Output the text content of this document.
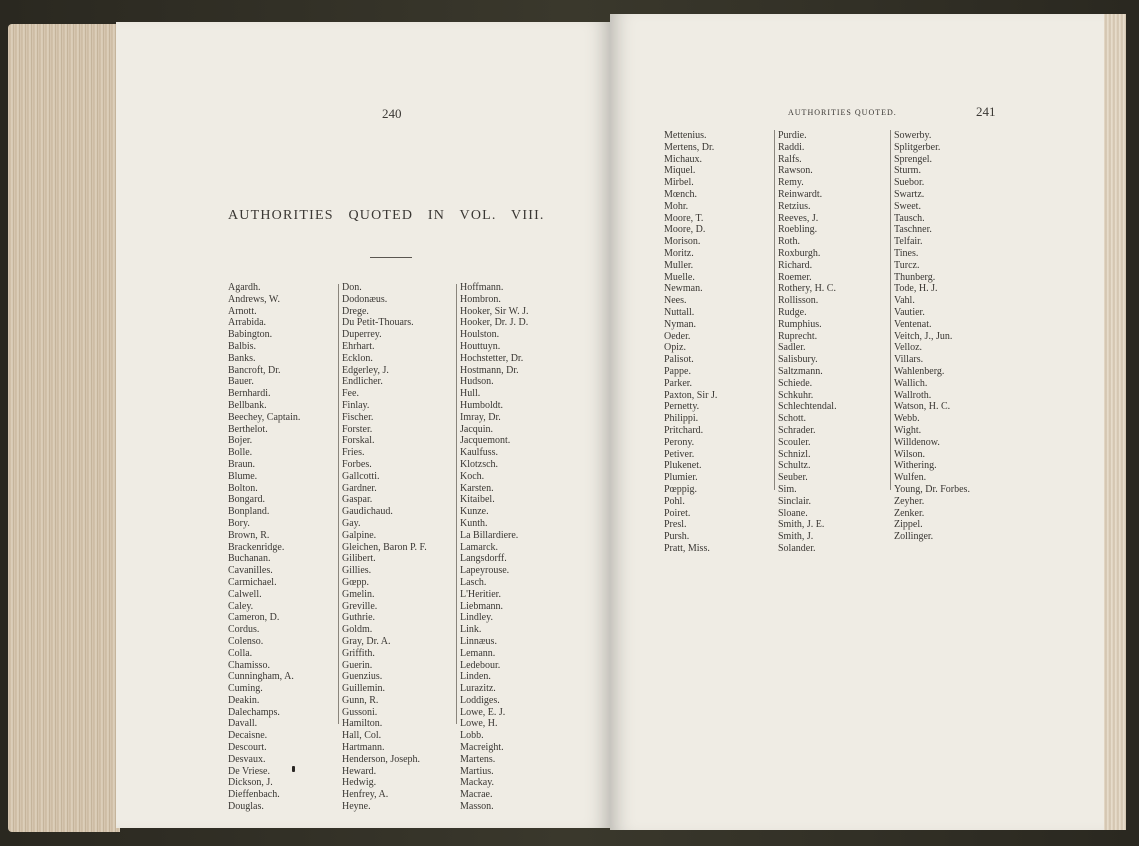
240
AUTHORITIES QUOTED IN VOL. VIII.
Agardh.
Andrews, W.
Arnott.
Arrabida.
Babington.
Balbis.
Banks.
Bancroft, Dr.
Bauer.
Bernhardi.
Bellbank.
Beechey, Captain.
Berthelot.
Bojer.
Bolle.
Braun.
Blume.
Bolton.
Bongard.
Bonpland.
Bory.
Brown, R.
Brackenridge.
Buchanan.
Cavanilles.
Carmichael.
Calwell.
Caley.
Cameron, D.
Cordus.
Colenso.
Colla.
Chamisso.
Cunningham, A.
Cuming.
Deakin.
Dalechamps.
Davall.
Decaisne.
Descourt.
Desvaux.
De Vriese.
Dickson, J.
Dieffenbach.
Douglas.
Don.
Dodonæus.
Drege.
Du Petit-Thouars.
Duperrey.
Ehrhart.
Ecklon.
Edgerley, J.
Endlicher.
Fee.
Finlay.
Fischer.
Forster.
Forskal.
Fries.
Forbes.
Gallcotti.
Gardner.
Gaspar.
Gaudichaud.
Gay.
Galpine.
Gleichen, Baron P. F.
Gilibert.
Gillies.
Gœpp.
Gmelin.
Greville.
Guthrie.
Goldm.
Gray, Dr. A.
Griffith.
Guerin.
Guenzius.
Guillemin.
Gunn, R.
Gussoni.
Hamilton.
Hall, Col.
Hartmann.
Henderson, Joseph.
Heward.
Hedwig.
Henfrey, A.
Heyne.
Hoffmann.
Hombron.
Hooker, Sir W. J.
Hooker, Dr. J. D.
Houlston.
Houttuyn.
Hochstetter, Dr.
Hostmann, Dr.
Hudson.
Hull.
Humboldt.
Imray, Dr.
Jacquin.
Jacquemont.
Kaulfuss.
Klotzsch.
Koch.
Karsten.
Kitaibel.
Kunze.
Kunth.
La Billardiere.
Lamarck.
Langsdorff.
Lapeyrouse.
Lasch.
L'Heritier.
Liebmann.
Lindley.
Link.
Linnæus.
Lemann.
Ledebour.
Linden.
Lurazitz.
Loddiges.
Lowe, E. J.
Lowe, H.
Lobb.
Macreight.
Martens.
Martius.
Mackay.
Macrae.
Masson.
AUTHORITIES QUOTED.	241
Mettenius.
Mertens, Dr.
Michaux.
Miquel.
Mirbel.
Mœnch.
Mohr.
Moore, T.
Moore, D.
Morison.
Moritz.
Muller.
Muelle.
Newman.
Nees.
Nuttall.
Nyman.
Oeder.
Opiz.
Palisot.
Pappe.
Parker.
Paxton, Sir J.
Pernetty.
Philippi.
Pritchard.
Perony.
Petiver.
Plukenet.
Plumier.
Pœppig.
Pohl.
Poiret.
Presl.
Pursh.
Pratt, Miss.
Purdie.
Raddi.
Ralfs.
Rawson.
Remy.
Reinwardt.
Retzius.
Reeves, J.
Roebling.
Roth.
Roxburgh.
Richard.
Roemer.
Rothery, H. C.
Rollisson.
Rudge.
Rumphius.
Ruprecht.
Sadler.
Salisbury.
Saltzmann.
Schiede.
Schkuhr.
Schlechtendal.
Schott.
Schrader.
Scouler.
Schnizl.
Schultz.
Seuber.
Sim.
Sinclair.
Sloane.
Smith, J. E.
Smith, J.
Solander.
Sowerby.
Splitgerber.
Sprengel.
Sturm.
Suebor.
Swartz.
Sweet.
Tausch.
Taschner.
Telfair.
Tines.
Turcz.
Thunberg.
Tode, H. J.
Vahl.
Vautier.
Ventenat.
Veitch, J., Jun.
Velloz.
Villars.
Wahlenberg.
Wallich.
Wallroth.
Watson, H. C.
Webb.
Wight.
Willdenow.
Wilson.
Withering.
Wulfen.
Young, Dr. Forbes.
Zeyher.
Zenker.
Zippel.
Zollinger.
